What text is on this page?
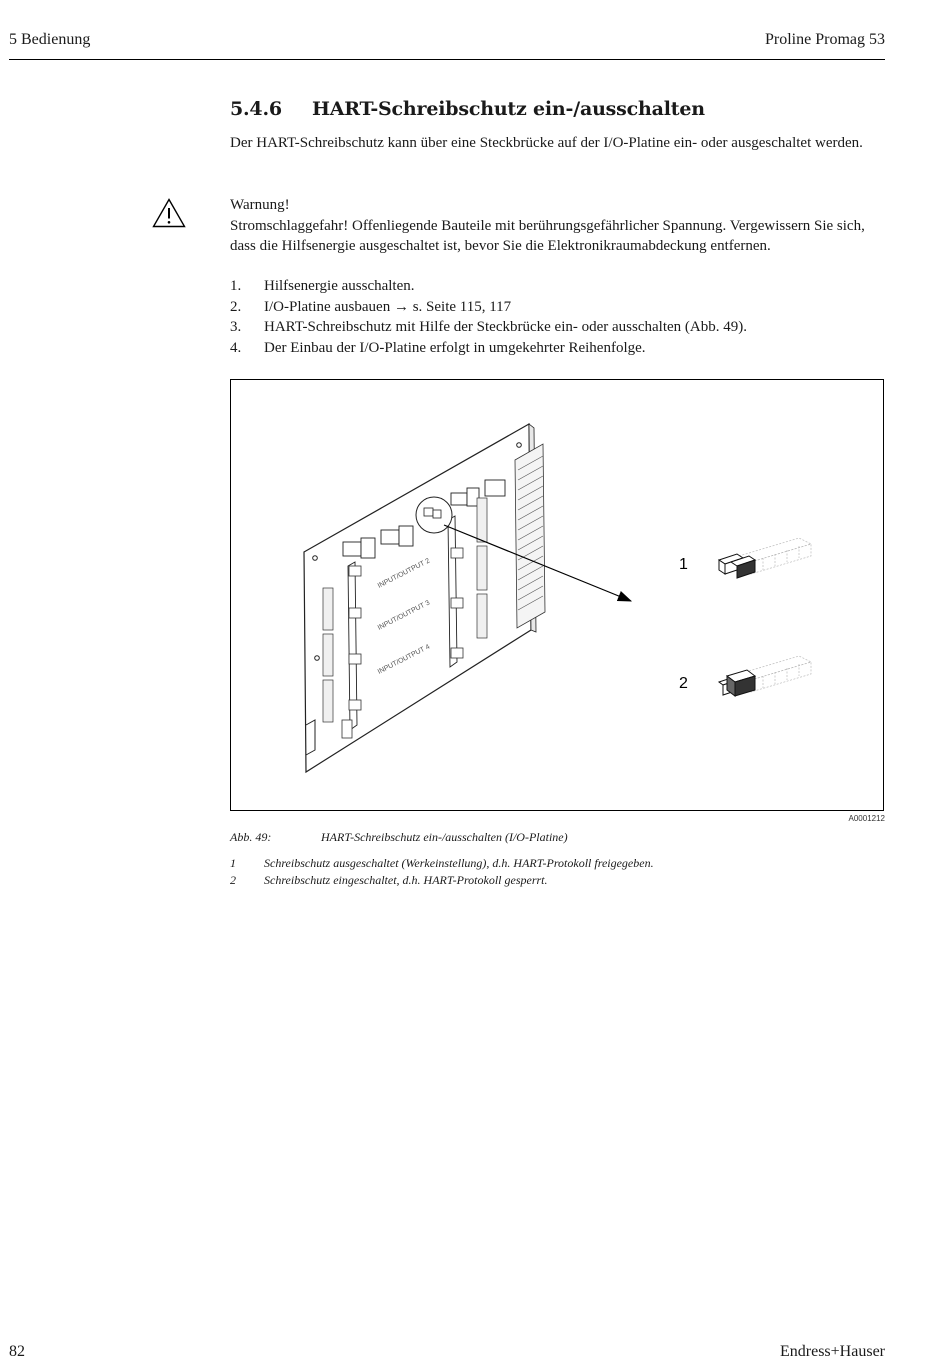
5 Bedienung	Proline Promag 53
5.4.6 HART-Schreibschutz ein-/ausschalten
Der HART-Schreibschutz kann über eine Steckbrücke auf der I/O-Platine ein- oder ausgeschaltet werden.
Warnung!
Stromschlaggefahr! Offenliegende Bauteile mit berührungsgefährlicher Spannung. Vergewissern Sie sich, dass die Hilfsenergie ausgeschaltet ist, bevor Sie die Elektronikraumabdeckung entfernen.
1.	Hilfsenergie ausschalten.
2.	I/O-Platine ausbauen → s. Seite 115, 117
3.	HART-Schreibschutz mit Hilfe der Steckbrücke ein- oder ausschalten (Abb. 49).
4.	Der Einbau der I/O-Platine erfolgt in umgekehrter Reihenfolge.
INPUT/OUTPUT 2
INPUT/OUTPUT 3
INPUT/OUTPUT 4
1
2
A0001212
Abb. 49:	HART-Schreibschutz ein-/ausschalten (I/O-Platine)
1	Schreibschutz ausgeschaltet (Werkeinstellung), d.h. HART-Protokoll freigegeben.
2	Schreibschutz eingeschaltet, d.h. HART-Protokoll gesperrt.
82	Endress+Hauser
